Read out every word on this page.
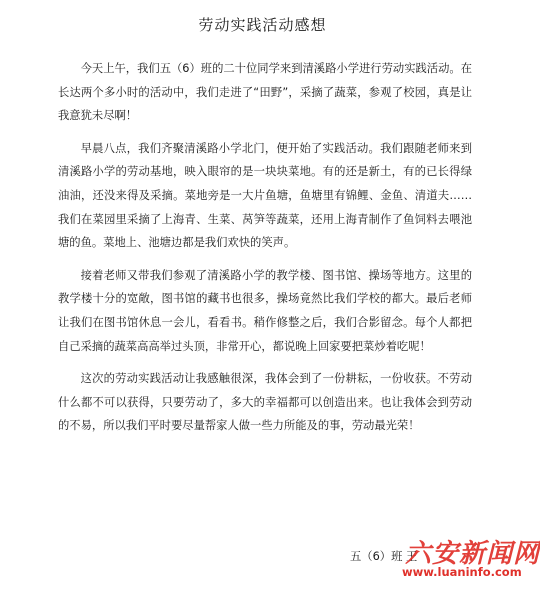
劳动实践活动感想

今天上午，我们五（6）班的二十位同学来到清溪路小学进行劳动实践活动。在长达两个多小时的活动中，我们走进了“田野”，采摘了蔬菜，参观了校园，真是让我意犹未尽啊！

早晨八点，我们齐聚清溪路小学北门，便开始了实践活动。我们跟随老师来到清溪路小学的劳动基地，映入眼帘的是一块块菜地。有的还是新土，有的已长得绿油油，还没来得及采摘。菜地旁是一大片鱼塘，鱼塘里有锦鲤、金鱼、清道夫……我们在菜园里采摘了上海青、生菜、莴笋等蔬菜，还用上海青制作了鱼饲料去喂池塘的鱼。菜地上、池塘边都是我们欢快的笑声。

接着老师又带我们参观了清溪路小学的教学楼、图书馆、操场等地方。这里的教学楼十分的宽敞，图书馆的藏书也很多，操场竟然比我们学校的都大。最后老师让我们在图书馆休息一会儿，看看书。稍作修整之后，我们合影留念。每个人都把自己采摘的蔬菜高高举过头顶，非常开心，都说晚上回家要把菜炒着吃呢！

这次的劳动实践活动让我感触很深，我体会到了一份耕耘，一份收获。不劳动什么都不可以获得，只要劳动了，多大的幸福都可以创造出来。也让我体会到劳动的不易，所以我们平时要尽量帮家人做一些力所能及的事，劳动最光荣！

五（6）班 王

六安新闻网
www.luaninfo.com
